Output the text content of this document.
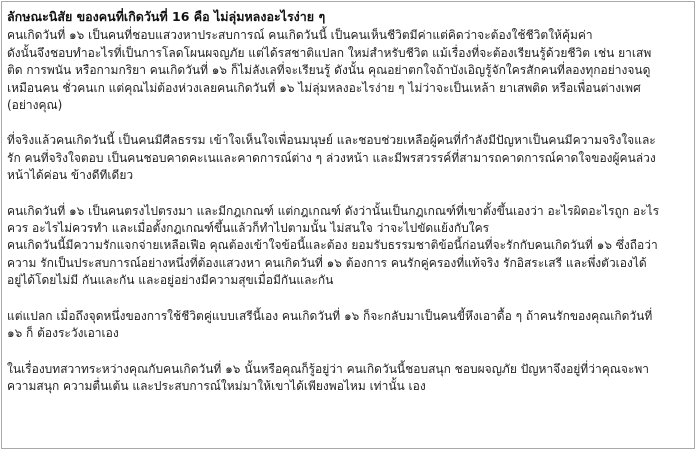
ลักษณะนิสัย ของคนที่เกิดวันที่ 16 คือ ไม่ลุ่มหลงอะไรง่าย ๆ

คนเกิดวันที่ ๑๖ เป็นคนที่ชอบแสวงหาประสบการณ์ คนเกิดวันนี้ เป็นคนเห็นชีวิตมีค่าแต่คิดว่าจะต้องใช้ชีวิตให้คุ้มค่า
ดังนั้นจึงชอบทำอะไรที่เป็นการโลดโผนผจญภัย แต่ได้รสชาติแปลก ใหม่สำหรับชีวิต แม้เรื่องที่จะต้องเรียนรู้ด้วยชีวิต เช่น ยาเสพ
ติด การพนัน หรือกามกริยา คนเกิดวันที่ ๑๖ ก็ไม่ลังเลที่จะเรียนรู้ ดังนั้น คุณอย่าตกใจถ้าบังเอิญรู้จักใครสักคนที่ลองทุกอย่างจนดู
เหมือนคน ชั่วคนเก แต่คุณไม่ต้องห่วงเลยคนเกิดวันที่ ๑๖ ไม่ลุ่มหลงอะไรง่าย ๆ ไม่ว่าจะเป็นเหล้า ยาเสพติด หรือเพื่อนต่างเพศ
(อย่างคุณ)

ที่จริงแล้วคนเกิดวันนี้ เป็นคนมีศีลธรรม เข้าใจเห็นใจเพื่อนมนุษย์ และชอบช่วยเหลือผู้คนที่กำลังมีปัญหาเป็นคนมีความจริงใจและ
รัก คนที่จริงใจตอบ เป็นคนชอบคาดคะเนและคาดการณ์ต่าง ๆ ล่วงหน้า และมีพรสวรรค์ที่สามารถคาดการณ์คาดใจของผู้คนล่วง
หน้าได้ค่อน ข้างดีทีเดียว

คนเกิดวันที่ ๑๖ เป็นคนตรงไปตรงมา และมีกฎเกณฑ์ แต่กฎเกณฑ์ ดังว่านั้นเป็นกฎเกณฑ์ที่เขาตั้งขึ้นเองว่า อะไรผิดอะไรถูก อะไร
ควร อะไรไม่ควรทำ และเมื่อตั้งกฎเกณฑ์ขึ้นแล้วก็ทำไปตามนั้น ไม่สนใจ ว่าจะไปขัดแย้งกับใคร
คนเกิดวันนี้มีความรักแจกจ่ายเหลือเฟือ คุณต้องเข้าใจข้อนี้และต้อง ยอมรับธรรมชาติข้อนี้ก่อนที่จะรักกับคนเกิดวันที่ ๑๖ ซึ่งถือว่า
ความ รักเป็นประสบการณ์อย่างหนึ่งที่ต้องแสวงหา คนเกิดวันที่ ๑๖ ต้องการ คนรักคู่ครองที่แท้จริง รักอิสระเสรี และพึ่งตัวเองได้
อยู่ได้โดยไม่มี กันและกัน และอยู่อย่างมีความสุขเมื่อมีกันและกัน

แต่แปลก เมื่อถึงจุดหนึ่งของการใช้ชีวิตคู่แบบเสรีนี้เอง คนเกิดวันที่ ๑๖ ก็จะกลับมาเป็นคนขี้หึงเอาดื้อ ๆ ถ้าคนรักของคุณเกิดวันที่
๑๖ ก็ ต้องระวังเอาเอง

ในเรื่องบทสวาทระหว่างคุณกับคนเกิดวันที่ ๑๖ นั้นหรือคุณก็รู้อยู่ว่า คนเกิดวันนี้ชอบสนุก ชอบผจญภัย ปัญหาจึงอยู่ที่ว่าคุณจะพา
ความสนุก ความตื่นเต้น และประสบการณ์ใหม่มาให้เขาได้เพียงพอไหม เท่านั้น เอง
